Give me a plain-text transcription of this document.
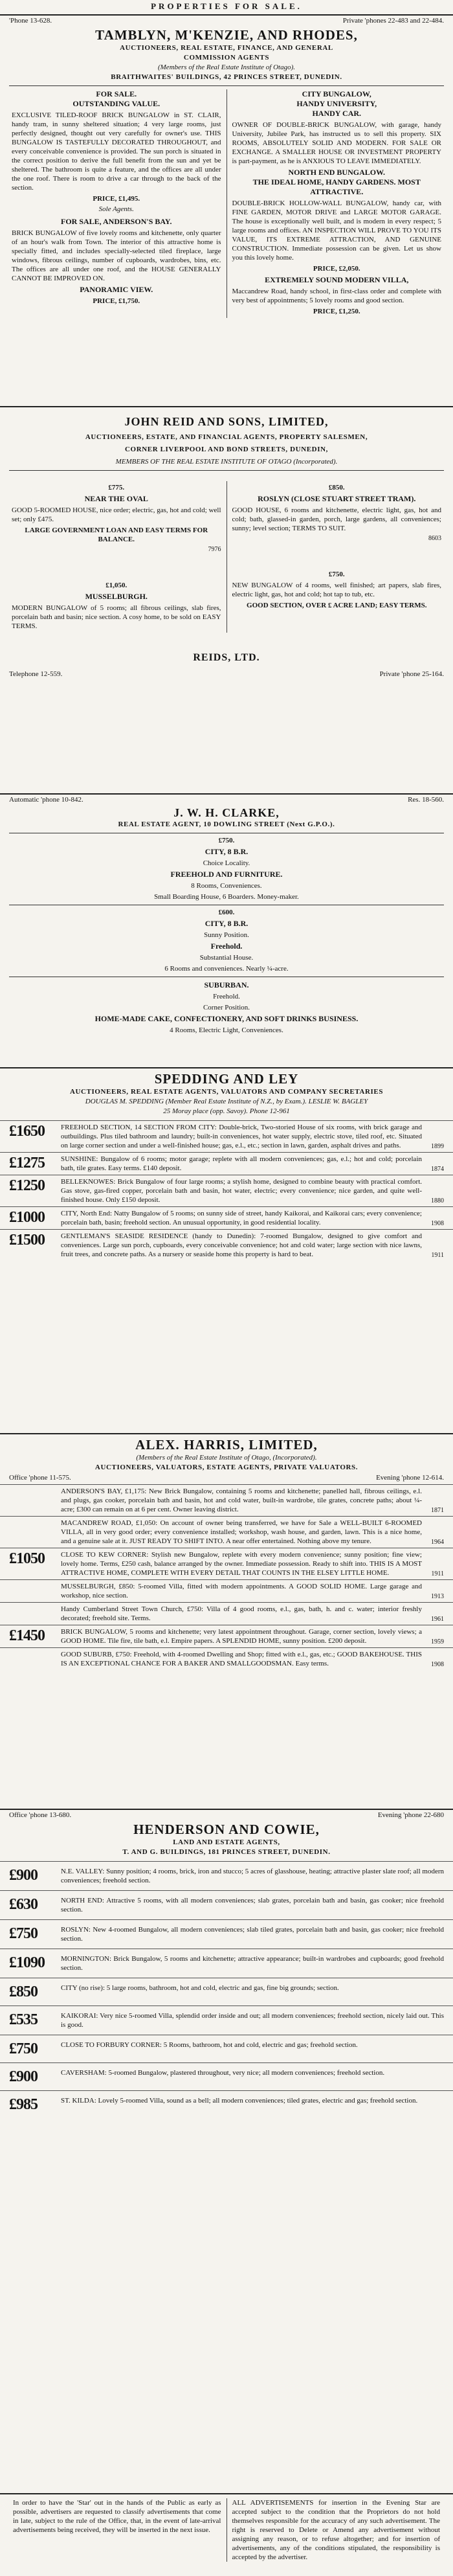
PROPERTIES FOR SALE.
'Phone 13-628.	Private 'phones 22-483 and 22-484.
TAMBLYN, M'KENZIE, AND RHODES,
AUCTIONEERS, REAL ESTATE, FINANCE, AND GENERAL
COMMISSION AGENTS
(Members of the Real Estate Institute of Otago).
BRAITHWAITES' BUILDINGS, 42 PRINCES STREET, DUNEDIN.
FOR SALE.
OUTSTANDING VALUE.

EXCLUSIVE TILED-ROOF BRICK BUNGALOW in ST. CLAIR, handy tram, in sunny sheltered situation; 4 very large rooms, just perfectly designed, thought out very carefully for owner's use. THIS BUNGALOW IS TASTEFULLY DECORATED THROUGHOUT, and every conceivable convenience is provided. The sun porch is situated in the correct position to derive the full benefit from the sun and yet be sheltered. The bathroom is quite a feature, and the offices are all under the one roof. There is room to drive a car through to the back of the section.

PRICE, £1,495.
Sole Agents.
FOR SALE, ANDERSON'S BAY.

BRICK BUNGALOW of five lovely rooms and kitchenette, only quarter of an hour's walk from Town. The interior of this attractive home is specially fitted, and includes specially-selected tiled fireplace, large windows, fibrous ceilings, number of cupboards, wardrobes, bins, etc. The offices are all under one roof, and the HOUSE GENERALLY CANNOT BE IMPROVED ON.

PANORAMIC VIEW.
PRICE, £1,750.
CITY BUNGALOW,
HANDY UNIVERSITY,
HANDY CAR.

OWNER OF DOUBLE-BRICK BUNGALOW, with garage, handy University, Jubilee Park, has instructed us to sell this property. SIX ROOMS, ABSOLUTELY SOLID AND MODERN. FOR SALE OR EXCHANGE. A SMALLER HOUSE OR INVESTMENT PROPERTY is part-payment, as he is ANXIOUS TO LEAVE IMMEDIATELY.

NORTH END BUNGALOW.
THE IDEAL HOME, HANDY GARDENS. MOST ATTRACTIVE.

DOUBLE-BRICK HOLLOW-WALL BUNGALOW, handy car, with FINE GARDEN, MOTOR DRIVE and LARGE MOTOR GARAGE. The house is exceptionally well built, and is modern in every respect; 5 large rooms and offices. AN INSPECTION WILL PROVE TO YOU ITS VALUE, ITS EXTREME ATTRACTION, AND GENUINE CONSTRUCTION. Immediate possession can be given. Let us show you this lovely home.

PRICE, £2,050.
EXTREMELY SOUND MODERN VILLA,

Maccandrew Road, handy school, in first-class order and complete with very best of appointments; 5 lovely rooms and good section.

PRICE, £1,250.
JOHN REID AND SONS, LIMITED,
AUCTIONEERS, ESTATE, AND FINANCIAL AGENTS, PROPERTY SALESMEN,
CORNER LIVERPOOL AND BOND STREETS, DUNEDIN,
MEMBERS OF THE REAL ESTATE INSTITUTE OF OTAGO (Incorporated).
£775.
NEAR THE OVAL

GOOD 5-ROOMED HOUSE, nice order; electric, gas, hot and cold; well set; only £475.

LARGE GOVERNMENT LOAN AND EASY TERMS FOR BALANCE.

7976
£1,050.
MUSSELBURGH.

MODERN BUNGALOW of 5 rooms; all fibrous ceilings, slab fires, porcelain bath and basin; nice section. A cosy home, to be sold on EASY TERMS.

£850.
ROSLYN (CLOSE STUART STREET TRAM).

GOOD HOUSE, 6 rooms and kitchenette, electric light, gas, hot and cold; bath, glassed-in garden, porch, large gardens, all conveniences; sunny; level section; TERMS TO SUIT.

8603
£750.

NEW BUNGALOW of 4 rooms, well finished; art papers, slab fires, electric light, gas, hot and cold; hot tap to tub, etc.

GOOD SECTION, OVER £ ACRE LAND; EASY TERMS.

REIDS, LTD.
Telephone 12-559.	Private 'phone 25-164.
Automatic 'phone 10-842.	Res. 18-560.
J. W. H. CLARKE,
REAL ESTATE AGENT, 10 DOWLING STREET (Next G.P.O.).
£750.
CITY, 8 B.R.
Choice Locality.
FREEHOLD AND FURNITURE.
8 Rooms, Conveniences.
Small Boarding House, 6 Boarders. Money-maker.
£600.
CITY, 8 B.R.
Sunny Position.
Freehold.
Substantial House.
6 Rooms and conveniences. Nearly ¼-acre.
SUBURBAN.
Freehold.
Corner Position.
HOME-MADE CAKE, CONFECTIONERY, AND SOFT DRINKS BUSINESS.
4 Rooms, Electric Light, Conveniences.
SPEDDING AND LEY
AUCTIONEERS, REAL ESTATE AGENTS, VALUATORS AND COMPANY SECRETARIES
DOUGLAS M. SPEDDING (Member Real Estate Institute of N.Z., by Exam.). LESLIE W. BAGLEY
25 Moray place (opp. Savoy). Phone 12-961
£1650	FREEHOLD SECTION, 14 SECTION FROM CITY: Double-brick, Two-storied House of six rooms, with brick garage and outbuildings. Plus tiled bathroom and laundry; built-in conveniences, hot water supply, electric stove, tiled roof, etc. Situated on large corner section and under a well-finished house; gas, e.l., etc.; section in lawn, garden, asphalt drives and paths.	1899
£1275	SUNSHINE: Bungalow of 6 rooms; motor garage; replete with all modern conveniences; gas, e.l.; hot and cold; porcelain bath, tile grates. Easy terms. £140 deposit.	1874
£1250	BELLEKNOWES: Brick Bungalow of four large rooms; a stylish home, designed to combine beauty with practical comfort. Gas stove, gas-fired copper, porcelain bath and basin, hot water, electric; every convenience; nice garden, and quite well-finished house. Only £150 deposit.	1880
£1000	CITY, North End: Natty Bungalow of 5 rooms; on sunny side of street, handy Kaikorai, and Kaikorai cars; every convenience; porcelain bath, basin; freehold section. An unusual opportunity, in good residential locality.	1908
£1500	GENTLEMAN'S SEASIDE RESIDENCE (handy to Dunedin): 7-roomed Bungalow, designed to give comfort and conveniences. Large sun porch, cupboards, every conceivable convenience; hot and cold water; large section with nice lawns, fruit trees, and concrete paths. As a nursery or seaside home this property is hard to beat.	1911
ALEX. HARRIS, LIMITED,
(Members of the Real Estate Institute of Otago, (Incorporated).
AUCTIONEERS, VALUATORS, ESTATE AGENTS, PRIVATE VALUATORS.
Office 'phone 11-575.	Evening 'phone 12-614.
ANDERSON'S BAY, £1,175: New Brick Bungalow, containing 5 rooms and kitchenette; panelled hall, fibrous ceilings, e.l. and plugs, gas cooker, porcelain bath and basin, hot and cold water, built-in wardrobe, tile grates, concrete paths; about ¼-acre; £300 can remain on at 6 per cent. Owner leaving district.	1871
MACANDREW ROAD, £1,050: On account of owner being transferred, we have for Sale a WELL-BUILT 6-ROOMED VILLA, all in very good order; every convenience installed; workshop, wash house, and garden, lawn. This is a nice home, and a genuine sale at it. JUST READY TO SHIFT INTO. A near offer entertained. Nothing above my tenure.	1964
£1050	CLOSE TO KEW CORNER: Stylish new Bungalow, replete with every modern convenience; sunny position; fine view; lovely home. Terms, £250 cash, balance arranged by the owner. Immediate possession. Ready to shift into. THIS IS A MOST ATTRACTIVE HOME, COMPLETE WITH EVERY DETAIL THAT COUNTS IN THE ELSEY LITTLE HOME.	1911
MUSSELBURGH, £850: 5-roomed Villa, fitted with modern appointments. A GOOD SOLID HOME. Large garage and workshop, nice section.	1913
Handy Cumberland Street Town Church, £750: Villa of 4 good rooms, e.l., gas, bath, h. and c. water; interior freshly decorated; freehold site. Terms.	1961
£1450	BRICK BUNGALOW, 5 rooms and kitchenette; very latest appointment throughout. Garage, corner section, lovely views; a GOOD HOME. Tile fire, tile bath, e.l. Empire papers. A SPLENDID HOME, sunny position. £200 deposit.	1959
GOOD SUBURB, £750: Freehold, with 4-roomed Dwelling and Shop; fitted with e.l., gas, etc.; GOOD BAKEHOUSE. THIS IS AN EXCEPTIONAL CHANCE FOR A BAKER AND SMALLGOODSMAN. Easy terms.	1908
Office 'phone 13-680.	Evening 'phone 22-680
HENDERSON AND COWIE,
LAND AND ESTATE AGENTS,
T. AND G. BUILDINGS, 181 PRINCES STREET, DUNEDIN.
£900	N.E. VALLEY: Sunny position; 4 rooms, brick, iron and stucco; 5 acres of glasshouse, heating; attractive plaster slate roof; all modern conveniences; freehold section.
£630	NORTH END: Attractive 5 rooms, with all modern conveniences; slab grates, porcelain bath and basin, gas cooker; nice freehold section.
£750	ROSLYN: New 4-roomed Bungalow, all modern conveniences; slab tiled grates, porcelain bath and basin, gas cooker; nice freehold section.
£1090	MORNINGTON: Brick Bungalow, 5 rooms and kitchenette; attractive appearance; built-in wardrobes and cupboards; good freehold section.
£850	CITY (no rise): 5 large rooms, bathroom, hot and cold, electric and gas, fine big grounds; section.
£535	KAIKORAI: Very nice 5-roomed Villa, splendid order inside and out; all modern conveniences; freehold section, nicely laid out. This is good.
£750	CLOSE TO FORBURY CORNER: 5 Rooms, bathroom, hot and cold, electric and gas; freehold section.
£900	CAVERSHAM: 5-roomed Bungalow, plastered throughout, very nice; all modern conveniences; freehold section.
£985	ST. KILDA: Lovely 5-roomed Villa, sound as a bell; all modern conveniences; tiled grates, electric and gas; freehold section.
In order to have the 'Star' out in the hands of the Public as early as possible, advertisers are requested to classify advertisements that come in late, subject to the rule of the Office, that, in the event of late-arrival advertisements being received, they will be inserted in the next issue.
ALL ADVERTISEMENTS for insertion in the Evening Star are accepted subject to the condition that the Proprietors do not hold themselves responsible for the accuracy of any such advertisement. The right is reserved to Delete or Amend any advertisement without assigning any reason, or to refuse altogether; and for insertion of advertisements, any of the conditions stipulated, the responsibility is accepted by the advertiser.
